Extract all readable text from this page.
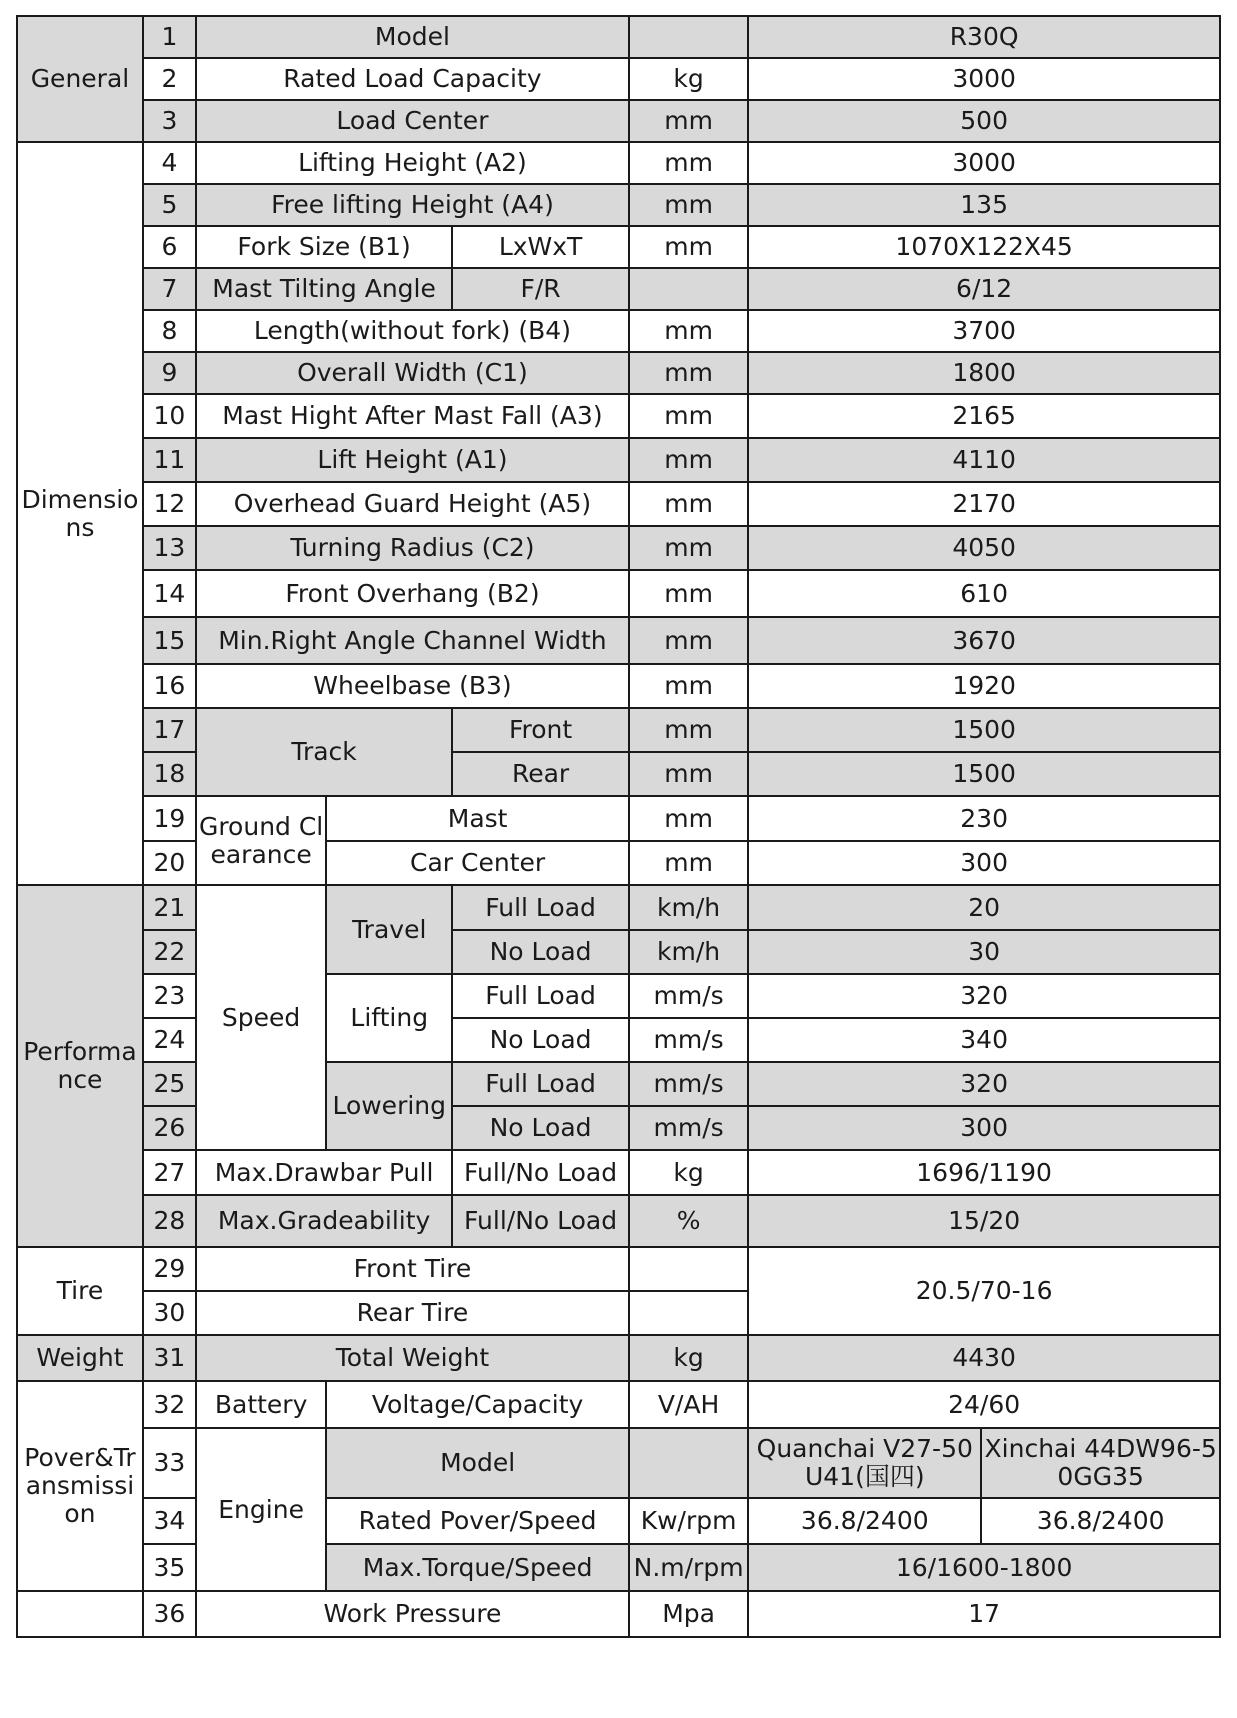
General	1	Model				R30Q	
	2	Rated Load Capacity			kg	3000	
	3	Load Center			mm	500	
Dimensions	4	Lifting Height (A2)			mm	3000	
	5	Free lifting Height (A4)			mm	135	
	6	Fork Size (B1)		LxWxT	mm	1070X122X45	
	7	Mast Tilting Angle		F/R		6/12	
	8	Length(without fork) (B4)			mm	3700	
	9	Overall Width (C1)			mm	1800	
	10	Mast Hight After Mast Fall (A3)			mm	2165	
	11	Lift Height (A1)			mm	4110	
	12	Overhead Guard Height (A5)			mm	2170	
	13	Turning Radius (C2)			mm	4050	
	14	Front Overhang (B2)			mm	610	
	15	Min.Right Angle Channel Width			mm	3670	
	16	Wheelbase (B3)			mm	1920	
	17	Track		Front	mm	1500	
	18			Rear	mm	1500	
	19	Ground Clearance	Mast		mm	230	
	20		Car Center		mm	300	
Performance	21	Speed	Travel	Full Load	km/h	20	
	22			No Load	km/h	30	
	23		Lifting	Full Load	mm/s	320	
	24			No Load	mm/s	340	
	25		Lowering	Full Load	mm/s	320	
	26			No Load	mm/s	300	
	27	Max.Drawbar Pull		Full/No Load	kg	1696/1190	
	28	Max.Gradeability		Full/No Load	%	15/20	
Tire	29	Front Tire				20.5/70-16	
	30	Rear Tire					
Weight	31	Total Weight			kg	4430	
Pover&Transmission	32	Battery	Voltage/Capacity		V/AH	24/60	
	33	Engine	Model			Quanchai V27-50U41(国四)	Xinchai 44DW96-50GG35
	34		Rated Pover/Speed		Kw/rpm	36.8/2400	36.8/2400
	35		Max.Torque/Speed		N.m/rpm	16/1600-1800	
	36	Work Pressure			Mpa	17	
